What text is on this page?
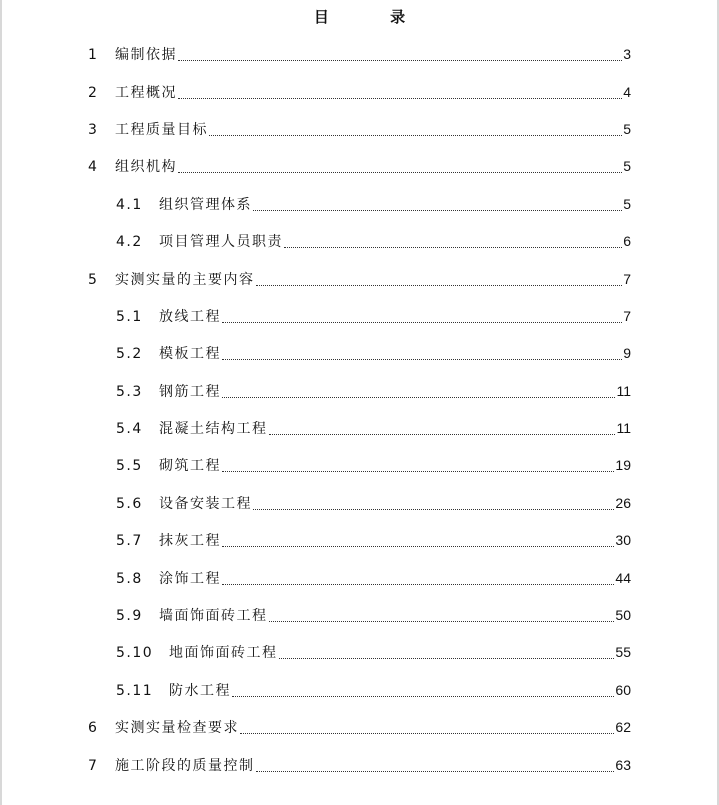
目 录
1	编制依据	3
2	工程概况	4
3	工程质量目标	5
4	组织机构	5
4.1	组织管理体系	5
4.2	项目管理人员职责	6
5	实测实量的主要内容	7
5.1	放线工程	7
5.2	模板工程	9
5.3	钢筋工程	11
5.4	混凝土结构工程	11
5.5	砌筑工程	19
5.6	设备安装工程	26
5.7	抹灰工程	30
5.8	涂饰工程	44
5.9	墙面饰面砖工程	50
5.10	地面饰面砖工程	55
5.11	防水工程	60
6	实测实量检查要求	62
7	施工阶段的质量控制	63
